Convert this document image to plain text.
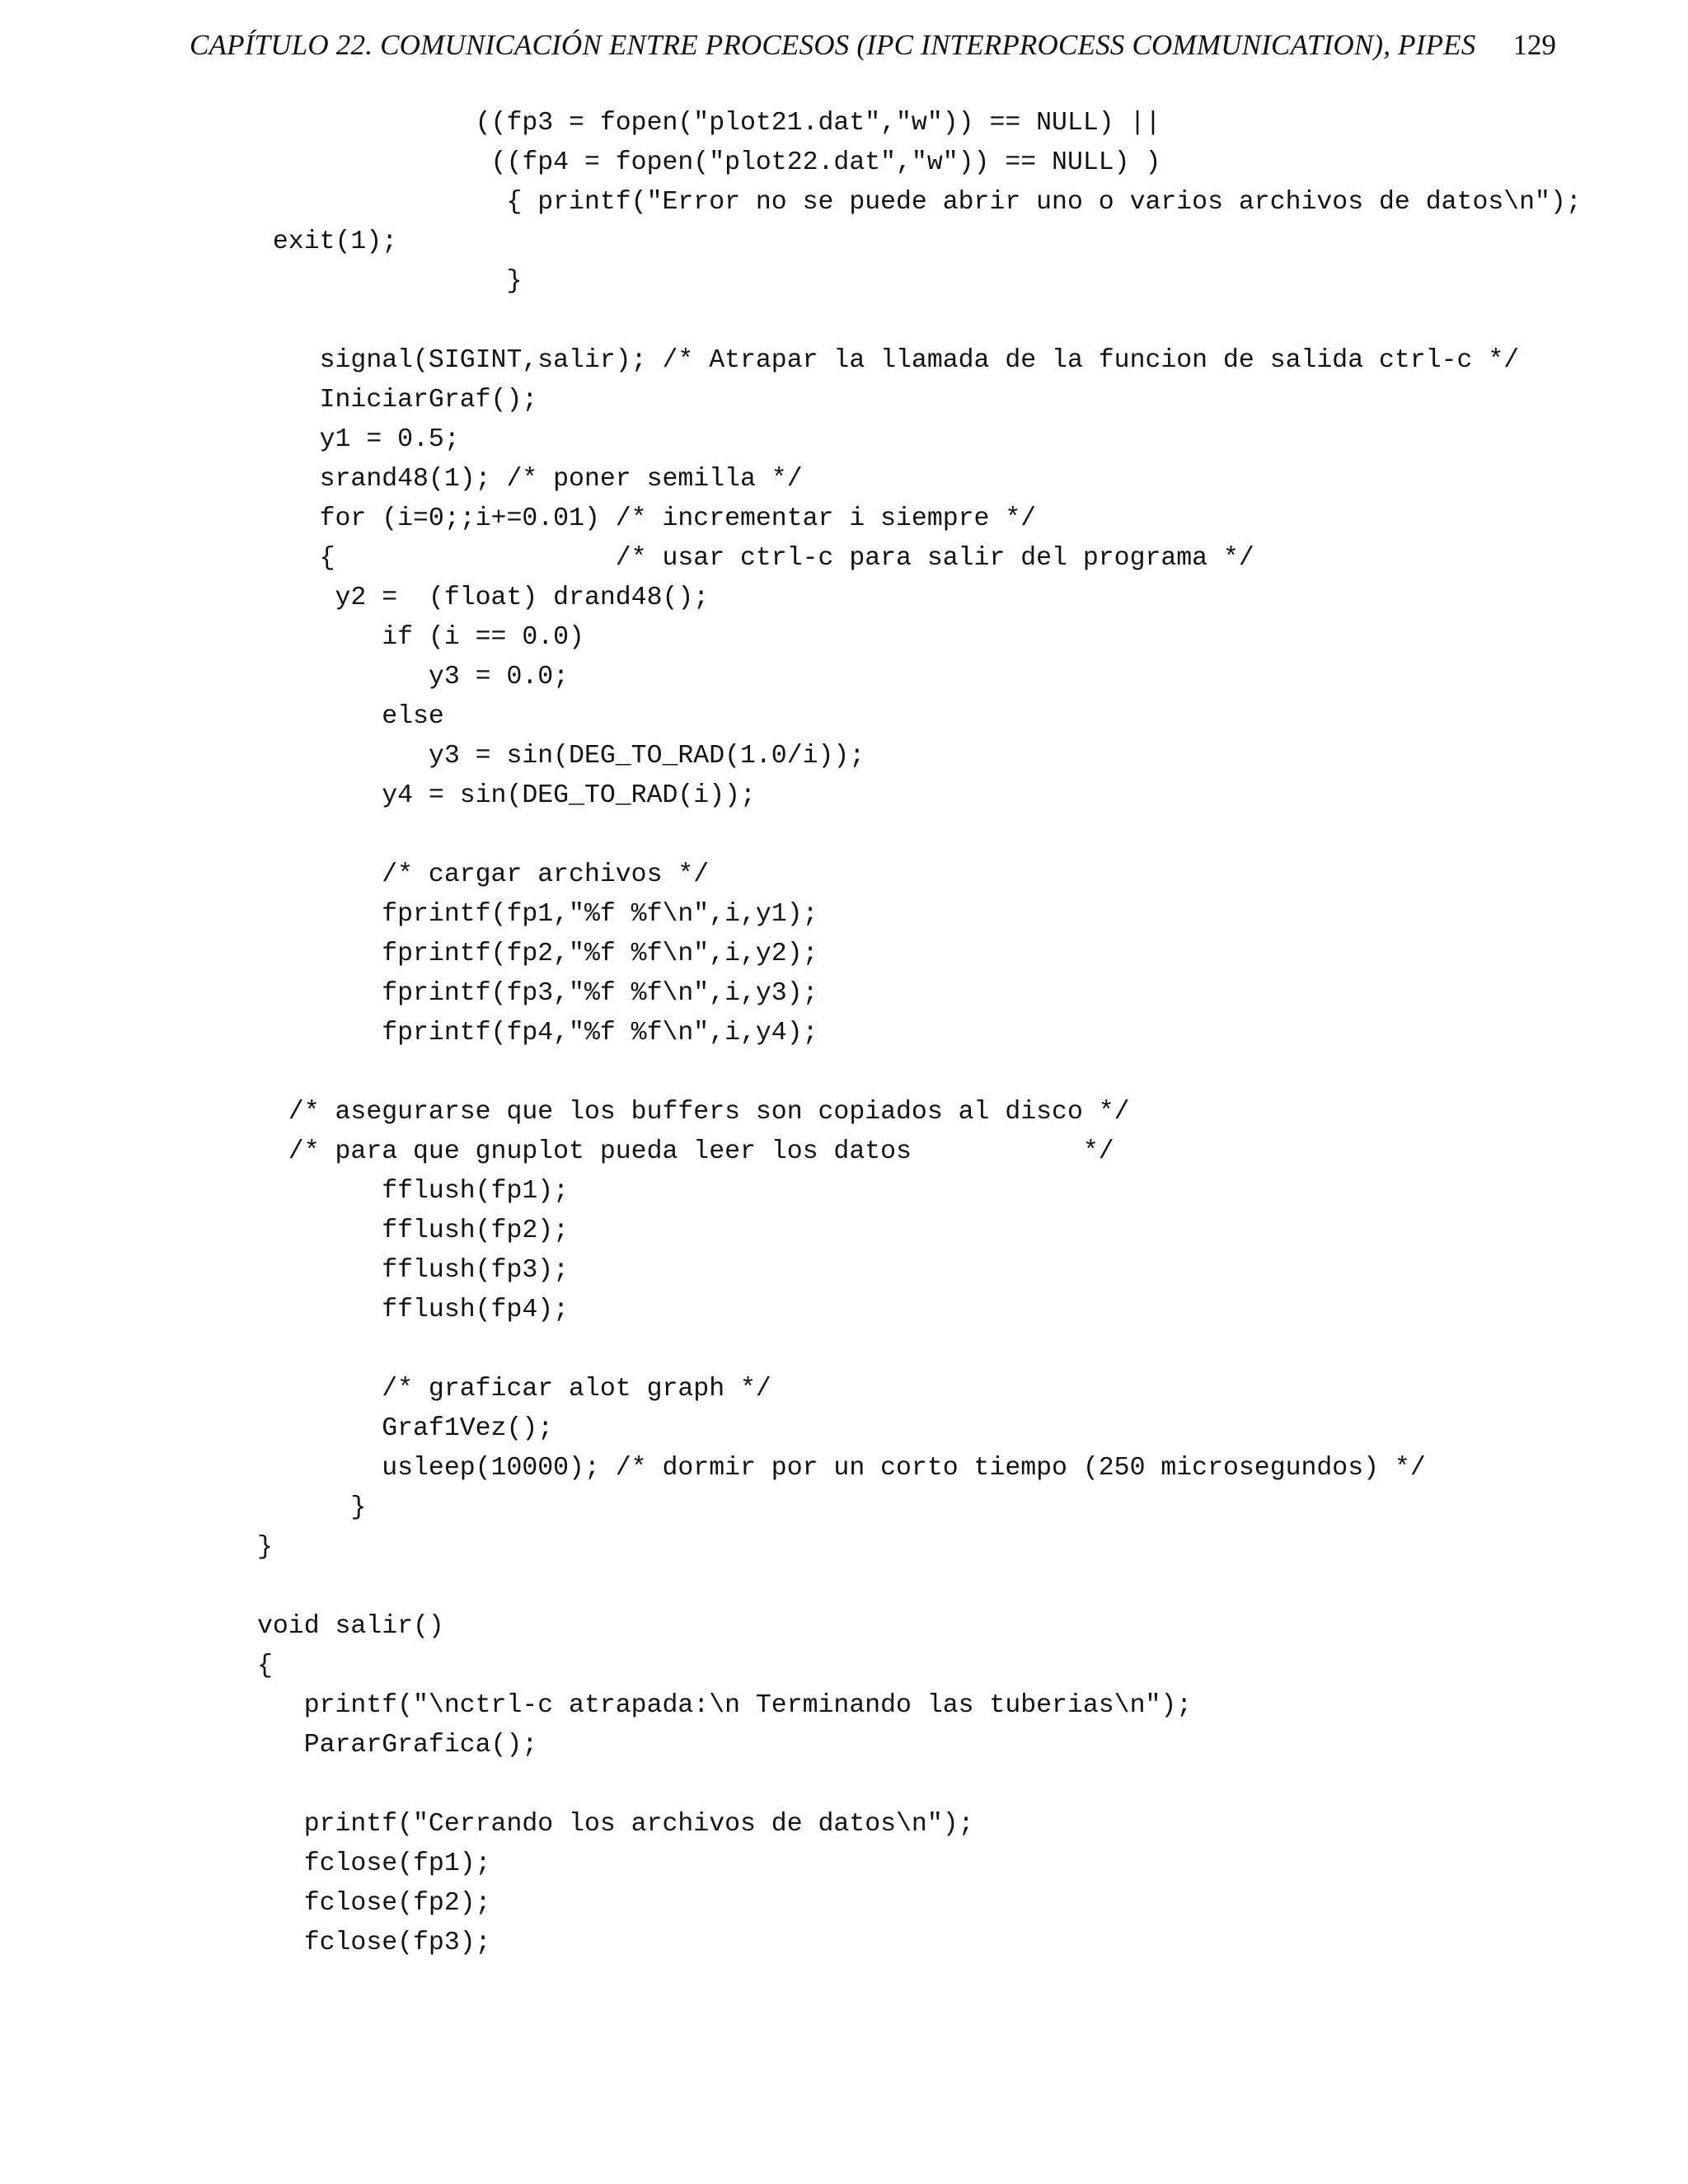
CAPÍTULO 22. COMUNICACIÓN ENTRE PROCESOS (IPC INTERPROCESS COMMUNICATION), PIPES 129
((fp3 = fopen("plot21.dat","w")) == NULL) ||
((fp4 = fopen("plot22.dat","w")) == NULL) )
{ printf("Error no se puede abrir uno o varios archivos de datos\n");
exit(1);
}
signal(SIGINT,salir); /* Atrapar la llamada de la funcion de salida ctrl-c */
IniciarGraf();
y1 = 0.5;
srand48(1); /* poner semilla */
for (i=0;;i+=0.01) /* incrementar i siempre */
{                  /* usar ctrl-c para salir del programa */
y2 =  (float) drand48();
if (i == 0.0)
y3 = 0.0;
else
y3 = sin(DEG_TO_RAD(1.0/i));
y4 = sin(DEG_TO_RAD(i));
/* cargar archivos */
fprintf(fp1,"%f %f\n",i,y1);
fprintf(fp2,"%f %f\n",i,y2);
fprintf(fp3,"%f %f\n",i,y3);
fprintf(fp4,"%f %f\n",i,y4);
/* asegurarse que los buffers son copiados al disco */
/* para que gnuplot pueda leer los datos           */
fflush(fp1);
fflush(fp2);
fflush(fp3);
fflush(fp4);
/* graficar alot graph */
Graf1Vez();
usleep(10000); /* dormir por un corto tiempo (250 microsegundos) */
}
}
void salir()
{
printf("\nctrl-c atrapada:\n Terminando las tuberias\n");
PararGrafica();
printf("Cerrando los archivos de datos\n");
fclose(fp1);
fclose(fp2);
fclose(fp3);
